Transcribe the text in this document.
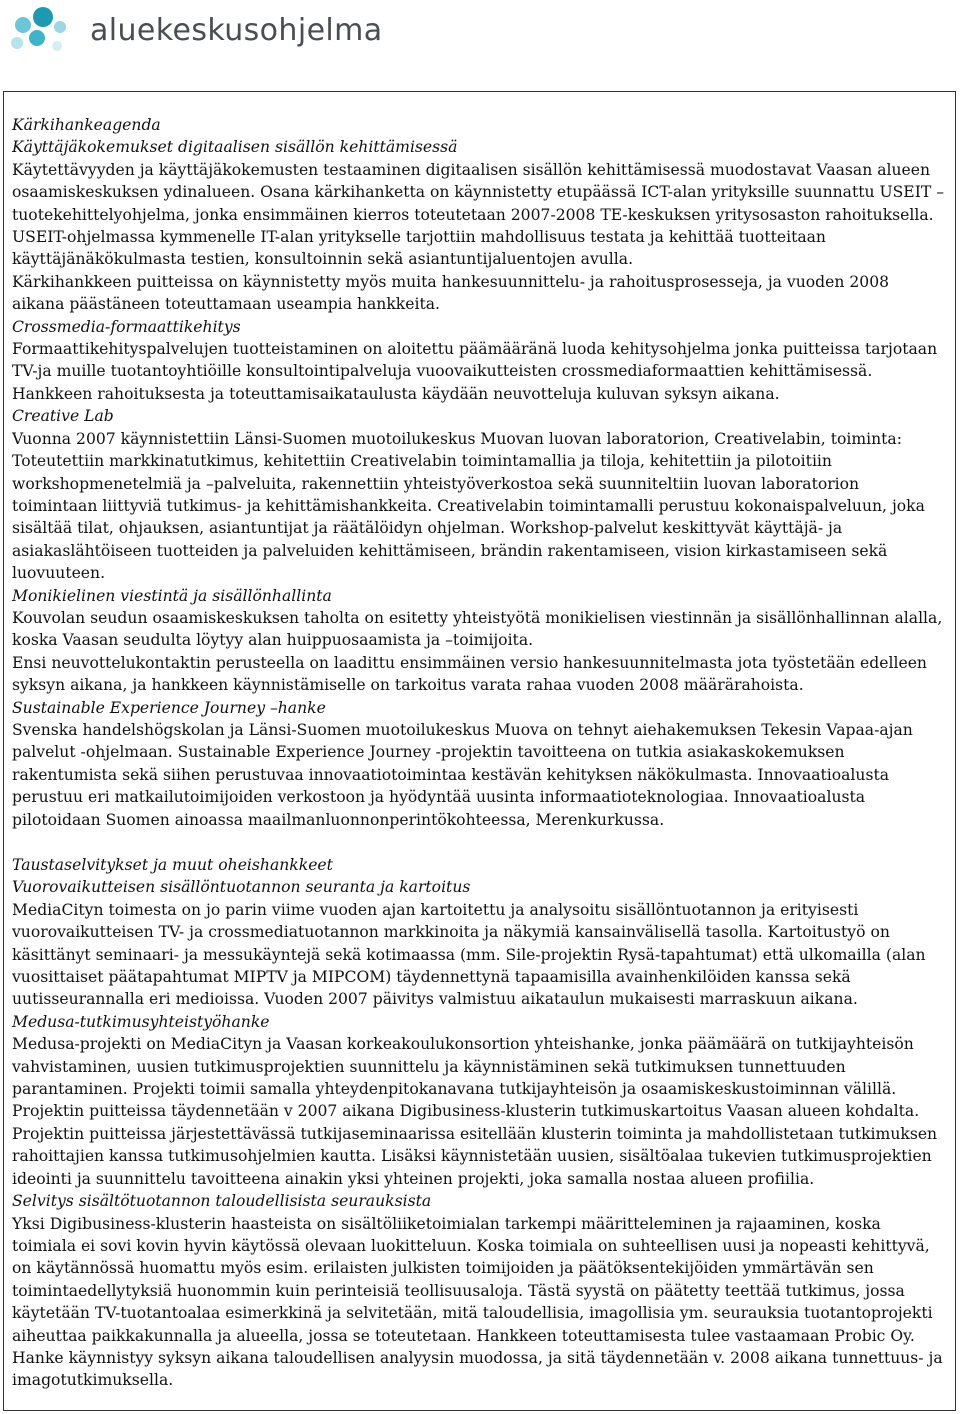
aluekeskusohjelma

Kärkihankeagenda

Käyttäjäkokemukset digitaalisen sisällön kehittämisessä

Käytettävyyden ja käyttäjäkokemusten testaaminen digitaalisen sisällön kehittämisessä muodostavat Vaasan alueen osaamiskeskuksen ydinalueen. Osana kärkihanketta on käynnistetty etupäässä ICT-alan yrityksille suunnattu USEIT – tuotekehittelyohjelma, jonka ensimmäinen kierros toteutetaan 2007-2008 TE-keskuksen yritysosaston rahoituksella. USEIT-ohjelmassa kymmenelle IT-alan yritykselle tarjottiin mahdollisuus testata ja kehittää tuotteitaan käyttäjänäkökulmasta testien, konsultoinnin sekä asiantuntijaluentojen avulla.

Kärkihankkeen puitteissa on käynnistetty myös muita hankesuunnittelu- ja rahoitusprosesseja, ja vuoden 2008 aikana päästäneen toteuttamaan useampia hankkeita.

Crossmedia-formaattikehitys

Formaattikehityspalvelujen tuotteistaminen on aloitettu päämääränä luoda kehitysohjelma jonka puitteissa tarjotaan TV-ja muille tuotantoyhtiöille konsultointipalveluja vuoovaikutteisten crossmediaformaattien kehittämisessä. Hankkeen rahoituksesta ja toteuttamisaikataulusta käydään neuvotteluja kuluvan syksyn aikana.

Creative Lab

Vuonna 2007 käynnistettiin Länsi-Suomen muotoilukeskus Muovan luovan laboratorion, Creativelabin, toiminta: Toteutettiin markkinatutkimus, kehitettiin Creativelabin toimintamallia ja tiloja, kehitettiin ja pilotoitiin workshopmenetelmiä ja –palveluita, rakennettiin yhteistyöverkostoa sekä suunniteltiin luovan laboratorion toimintaan liittyviä tutkimus- ja kehittämishankkeita. Creativelabin toimintamalli perustuu kokonaispalveluun, joka sisältää tilat, ohjauksen, asiantuntijat ja räätälöidyn ohjelman. Workshop-palvelut keskittyvät käyttäjä- ja asiakaslähtöiseen tuotteiden ja palveluiden kehittämiseen, brändin rakentamiseen, vision kirkastamiseen sekä luovuuteen.

Monikielinen viestintä ja sisällönhallinta

Kouvolan seudun osaamiskeskuksen taholta on esitetty yhteistyötä monikielisen viestinnän ja sisällönhallinnan alalla, koska Vaasan seudulta löytyy alan huippuosaamista ja –toimijoita.

Ensi neuvottelukontaktin perusteella on laadittu ensimmäinen versio hankesuunnitelmasta jota työstetään edelleen syksyn aikana, ja hankkeen käynnistämiselle on tarkoitus varata rahaa vuoden 2008 määrärahoista.

Sustainable Experience Journey –hanke

Svenska handelshögskolan ja Länsi-Suomen muotoilukeskus Muova on tehnyt aiehakemuksen Tekesin Vapaa-ajan palvelut -ohjelmaan. Sustainable Experience Journey -projektin tavoitteena on tutkia asiakaskokemuksen rakentumista sekä siihen perustuvaa innovaatiotoimintaa kestävän kehityksen näkökulmasta. Innovaatioalusta perustuu eri matkailutoimijoiden verkostoon ja hyödyntää uusinta informaatioteknologiaa. Innovaatioalusta pilotoidaan Suomen ainoassa maailmanluonnonperintökohteessa, Merenkurkussa.

Taustaselvitykset ja muut oheishankkeet

Vuorovaikutteisen sisällöntuotannon seuranta ja kartoitus

MediaCityn toimesta on jo parin viime vuoden ajan kartoitettu ja analysoitu sisällöntuotannon ja erityisesti vuorovaikutteisen TV- ja crossmediatuotannon markkinoita ja näkymiä kansainvälisellä tasolla. Kartoitustyö on käsittänyt seminaari- ja messukäyntejä sekä kotimaassa (mm. Sile-projektin Rysä-tapahtumat) että ulkomailla (alan vuosittaiset päätapahtumat MIPTV ja MIPCOM) täydennettynä tapaamisilla avainhenkilöiden kanssa sekä uutisseurannalla eri medioissa. Vuoden 2007 päivitys valmistuu aikataulun mukaisesti marraskuun aikana.

Medusa-tutkimusyhteistyöhanke

Medusa-projekti on MediaCityn ja Vaasan korkeakoulukonsortion yhteishanke, jonka päämäärä on tutkijayhteisön vahvistaminen, uusien tutkimusprojektien suunnittelu ja käynnistäminen sekä tutkimuksen tunnettuuden parantaminen. Projekti toimii samalla yhteydenpitokanavana tutkijayhteisön ja osaamiskeskustoiminnan välillä.

Projektin puitteissa täydennetään v 2007 aikana Digibusiness-klusterin tutkimuskartoitus Vaasan alueen kohdalta.

Projektin puitteissa järjestettävässä tutkijaseminaarissa esitellään klusterin toiminta ja mahdollistetaan tutkimuksen rahoittajien kanssa tutkimusohjelmien kautta. Lisäksi käynnistetään uusien, sisältöalaa tukevien tutkimusprojektien ideointi ja suunnittelu tavoitteena ainakin yksi yhteinen projekti, joka samalla nostaa alueen profiilia.

Selvitys sisältötuotannon taloudellisista seurauksista

Yksi Digibusiness-klusterin haasteista on sisältöliiketoimialan tarkempi määritteleminen ja rajaaminen, koska toimiala ei sovi kovin hyvin käytössä olevaan luokitteluun. Koska toimiala on suhteellisen uusi ja nopeasti kehittyvä, on käytännössä huomattu myös esim. erilaisten julkisten toimijoiden ja päätöksentekijöiden ymmärtävän sen toimintaedellytyksiä huonommin kuin perinteisiä teollisuusaloja. Tästä syystä on päätetty teettää tutkimus, jossa käytetään TV-tuotantoalaa esimerkkinä ja selvitetään, mitä taloudellisia, imagollisia ym. seurauksia tuotantoprojekti aiheuttaa paikkakunnalla ja alueella, jossa se toteutetaan. Hankkeen toteuttamisesta tulee vastaamaan Probic Oy. Hanke käynnistyy syksyn aikana taloudellisen analyysin muodossa, ja sitä täydennetään v. 2008 aikana tunnettuus- ja imagotutkimuksella.
